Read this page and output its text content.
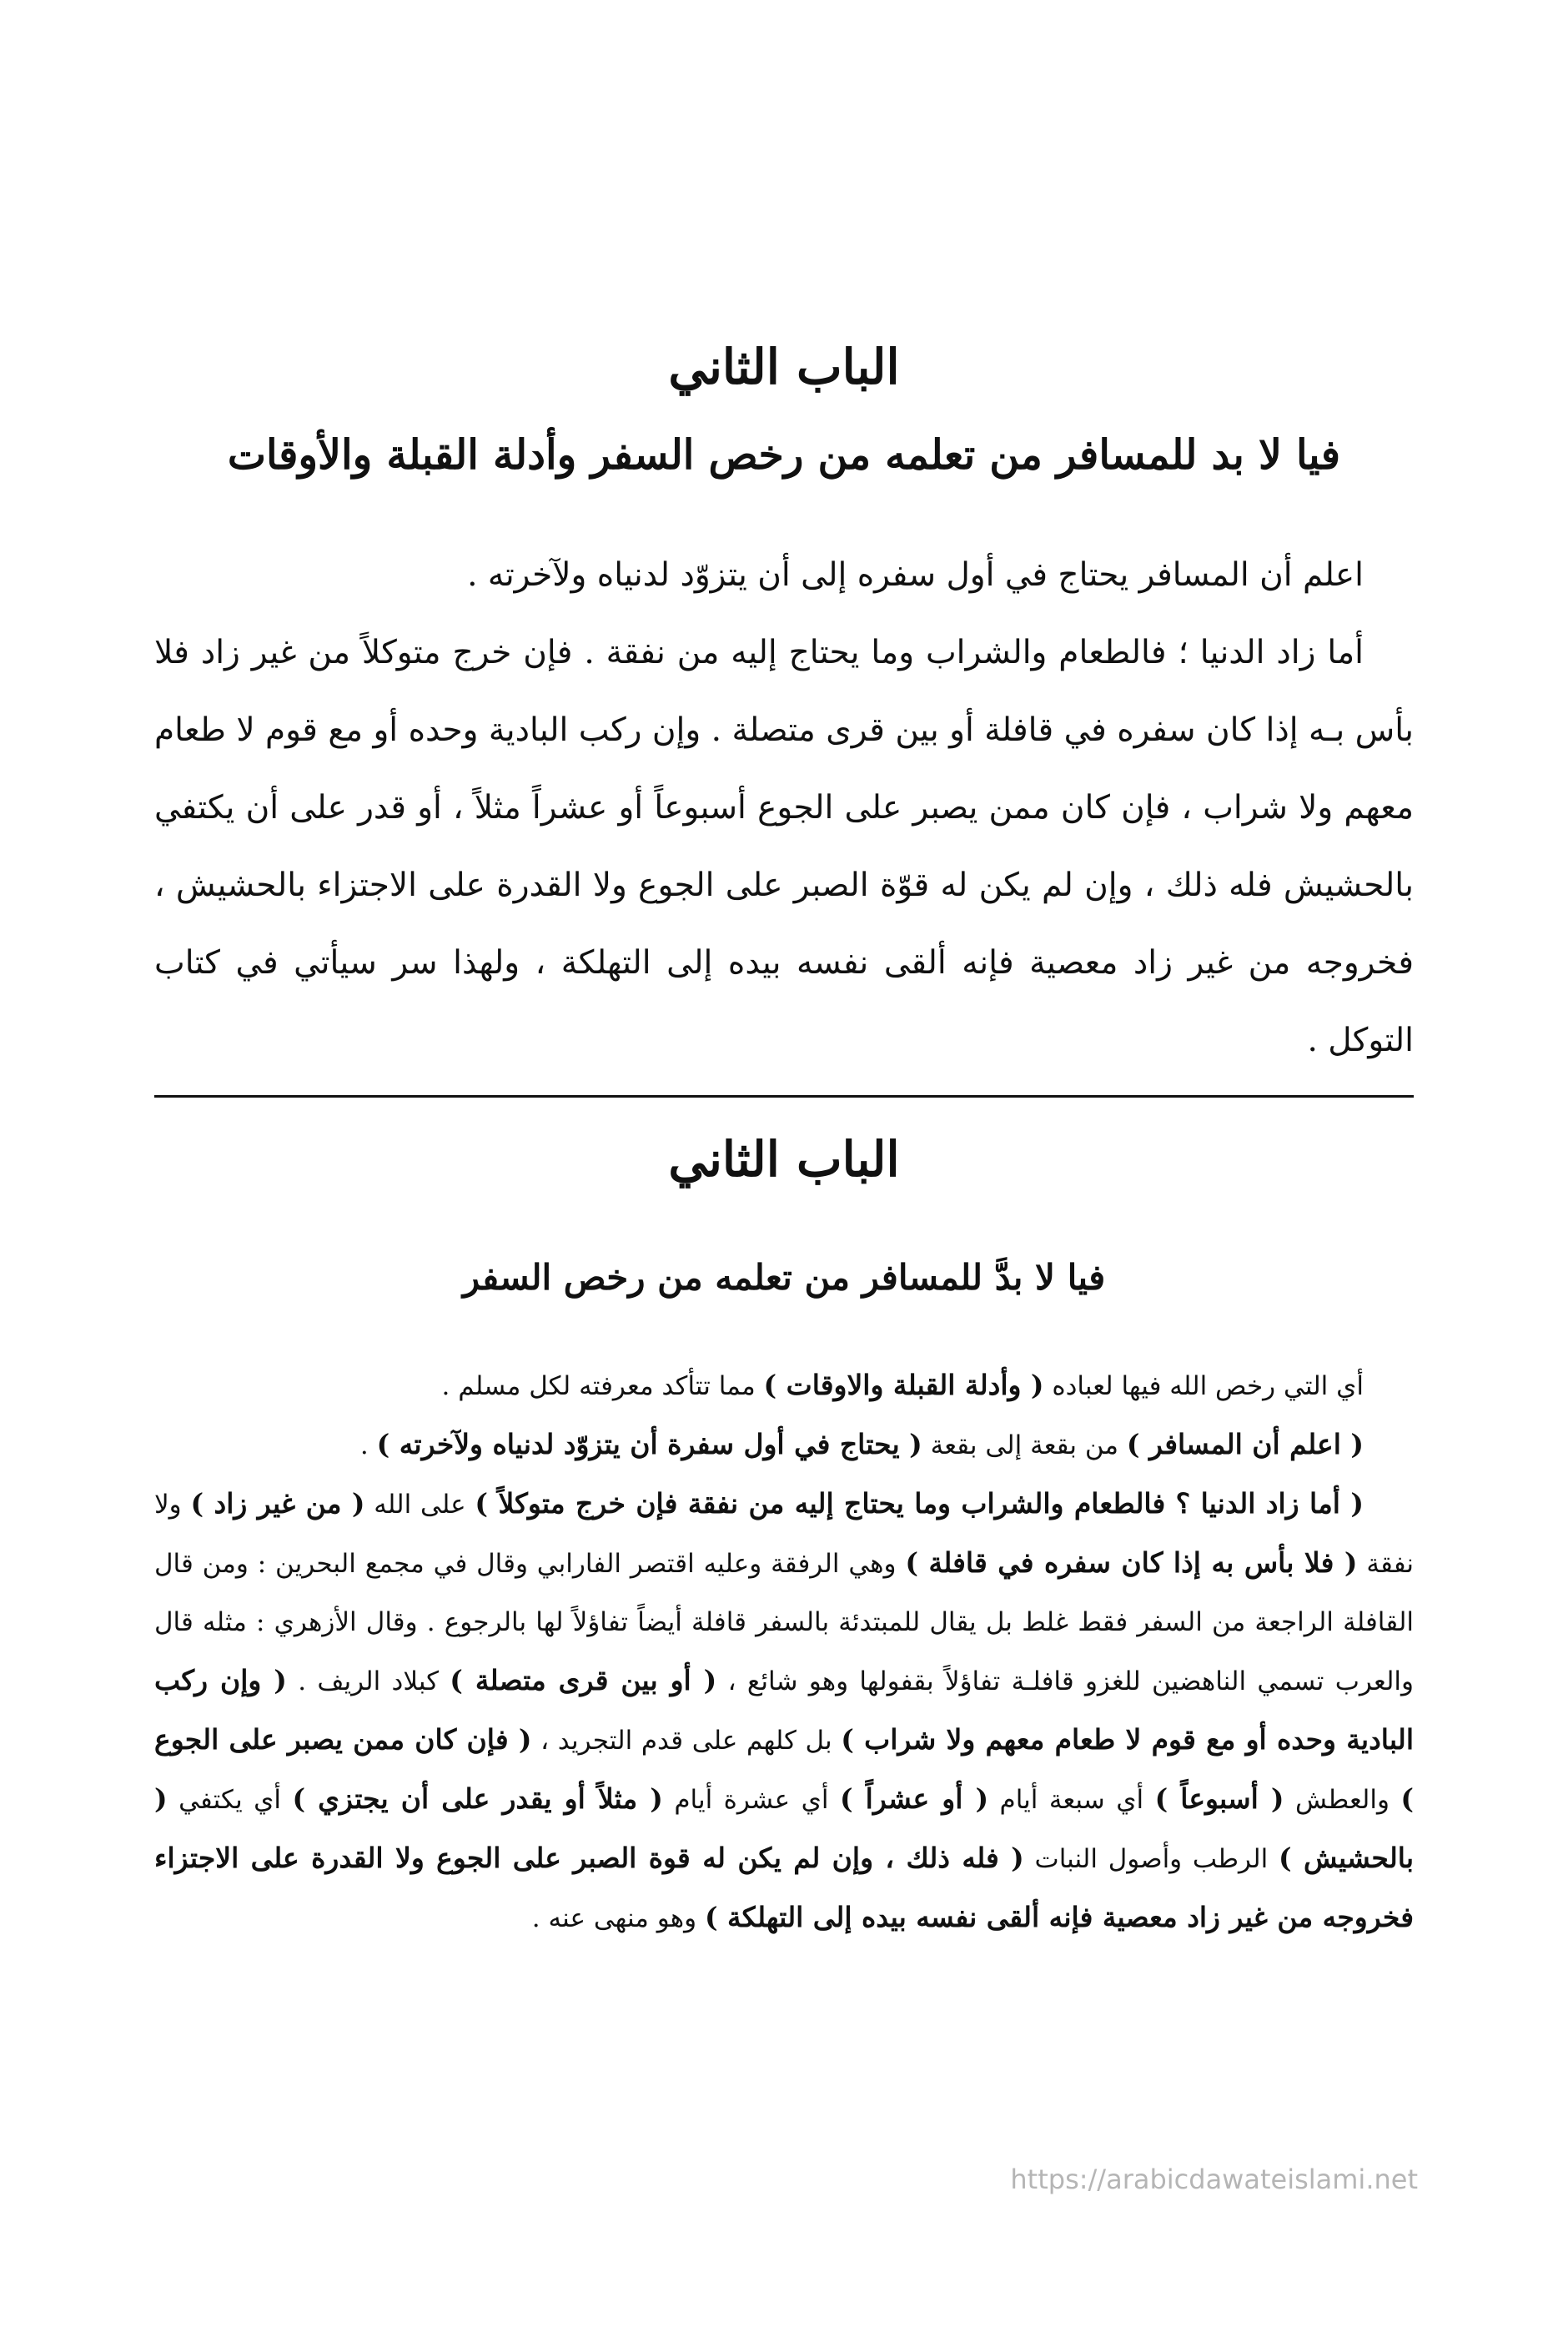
الباب الثاني
فيا لا بد للمسافر من تعلمه من رخص السفر وأدلة القبلة والأوقات

اعلم أن المسافر يحتاج في أول سفره إلى أن يتزوّد لدنياه ولآخرته .

أما زاد الدنيا ؛ فالطعام والشراب وما يحتاج إليه من نفقة . فإن خرج متوكلاً من غير زاد فلا بأس بـه إذا كان سفره في قافلة أو بين قرى متصلة . وإن ركب البادية وحده أو مع قوم لا طعام معهم ولا شراب ، فإن كان ممن يصبر على الجوع أسبوعاً أو عشراً مثلاً ، أو قدر على أن يكتفي بالحشيش فله ذلك ، وإن لم يكن له قوّة الصبر على الجوع ولا القدرة على الاجتزاء بالحشيش ، فخروجه من غير زاد معصية فإنه ألقى نفسه بيده إلى التهلكة ، ولهذا سر سيأتي في كتاب التوكل .

الباب الثاني
فيا لا بدَّ للمسافر من تعلمه من رخص السفر

أي التي رخص الله فيها لعباده ( وأدلة القبلة والاوقات ) مما تتأكد معرفته لكل مسلم .

( اعلم أن المسافر ) من بقعة إلى بقعة ( يحتاج في أول سفرة أن يتزوّد لدنياه ولآخرته ) .

( أما زاد الدنيا ؟ فالطعام والشراب وما يحتاج إليه من نفقة فإن خرج متوكلاً ) على الله ( من غير زاد ) ولا نفقة ( فلا بأس به إذا كان سفره في قافلة ) وهي الرفقة وعليه اقتصر الفارابي وقال في مجمع البحرين : ومن قال القافلة الراجعة من السفر فقط غلط بل يقال للمبتدئة بالسفر قافلة أيضاً تفاؤلاً لها بالرجوع . وقال الأزهري : مثله قال والعرب تسمي الناهضين للغزو قافلـة تفاؤلاً بقفولها وهو شائع ، ( أو بين قرى متصلة ) كبلاد الريف . ( وإن ركب البادية وحده أو مع قوم لا طعام معهم ولا شراب ) بل كلهم على قدم التجريد ، ( فإن كان ممن يصبر على الجوع ) والعطش ( أسبوعاً ) أي سبعة أيام ( أو عشراً ) أي عشرة أيام ( مثلاً أو يقدر على أن يجتزي ) أي يكتفي ( بالحشيش ) الرطب وأصول النبات ( فله ذلك ، وإن لم يكن له قوة الصبر على الجوع ولا القدرة على الاجتزاء فخروجه من غير زاد معصية فإنه ألقى نفسه بيده إلى التهلكة ) وهو منهى عنه .

https://arabicdawateislami.net
